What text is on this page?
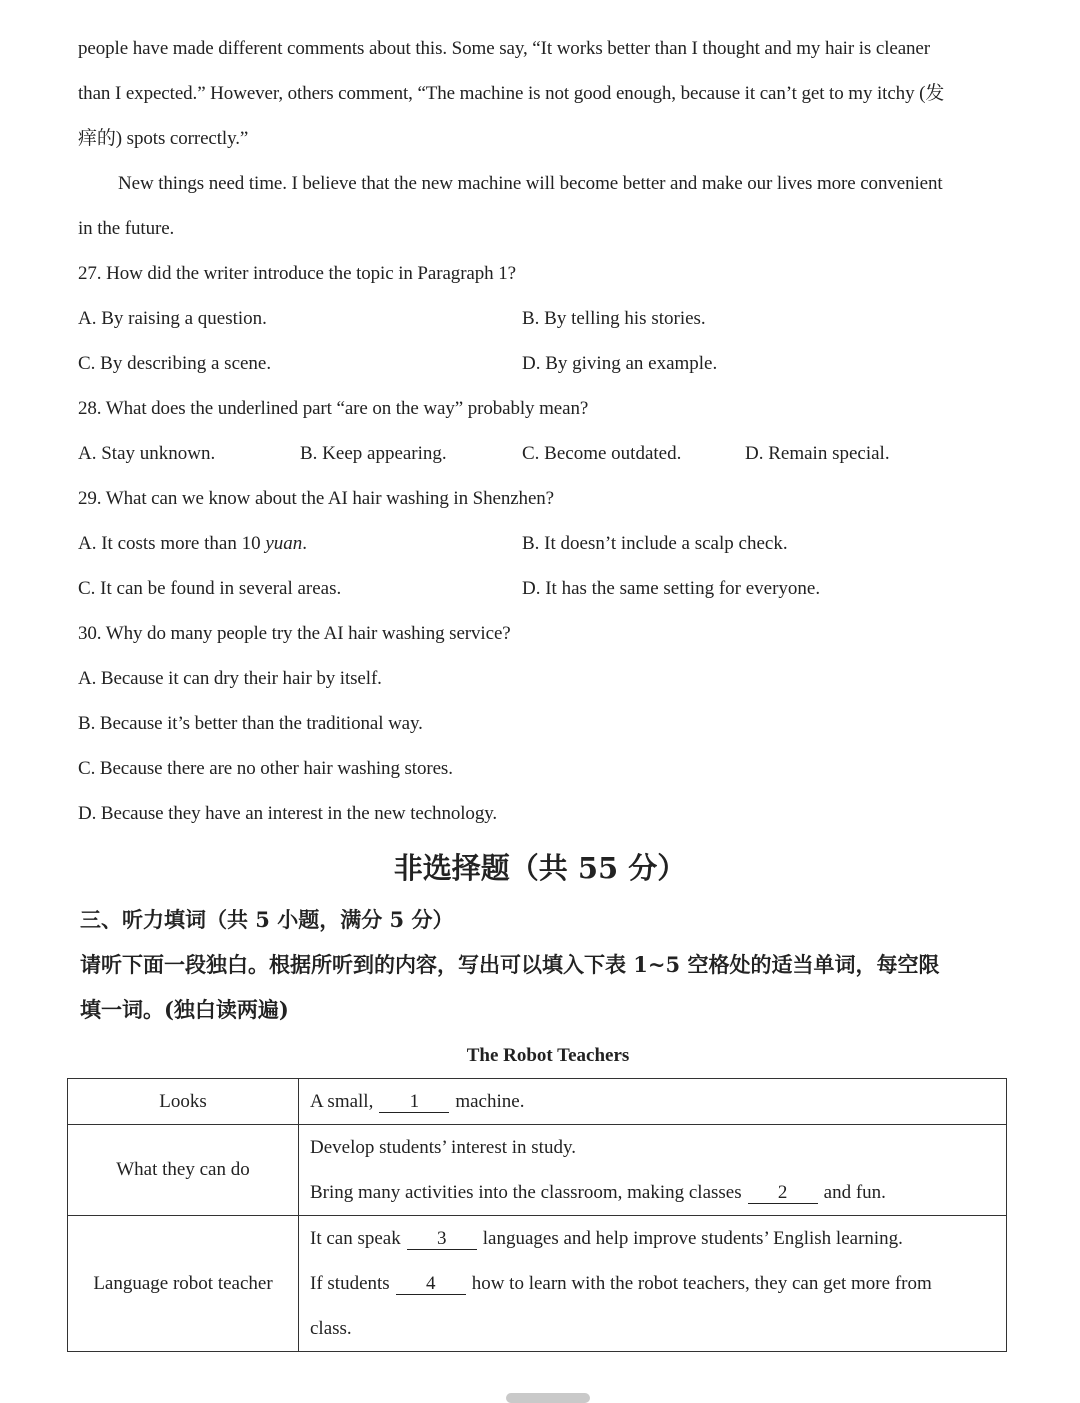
people have made different comments about this. Some say, “It works better than I thought and my hair is cleaner
than I expected.” However, others comment, “The machine is not good enough, because it can’t get to my itchy (发
痒的) spots correctly.”
New things need time. I believe that the new machine will become better and make our lives more convenient
in the future.
27. How did the writer introduce the topic in Paragraph 1?
A. By raising a question.	B. By telling his stories.
C. By describing a scene.	D. By giving an example.
28. What does the underlined part “are on the way” probably mean?
A. Stay unknown.	B. Keep appearing.	C. Become outdated.	D. Remain special.
29. What can we know about the AI hair washing in Shenzhen?
A. It costs more than 10 yuan.	B. It doesn’t include a scalp check.
C. It can be found in several areas.	D. It has the same setting for everyone.
30. Why do many people try the AI hair washing service?
A. Because it can dry their hair by itself.
B. Because it’s better than the traditional way.
C. Because there are no other hair washing stores.
D. Because they have an interest in the new technology.
非选择题（共 55 分）
三、听力填词（共 5 小题，满分 5 分）
请听下面一段独白。根据所听到的内容，写出可以填入下表 1~5 空格处的适当单词，每空限
填一词。(独白读两遍)
The Robot Teachers
Looks	A small, 1 machine.

What they can do	Develop students’ interest in study.
Bring many activities into the classroom, making classes 2 and fun.

Language robot teacher	It can speak 3 languages and help improve students’ English learning.
If students 4 how to learn with the robot teachers, they can get more from
class.
